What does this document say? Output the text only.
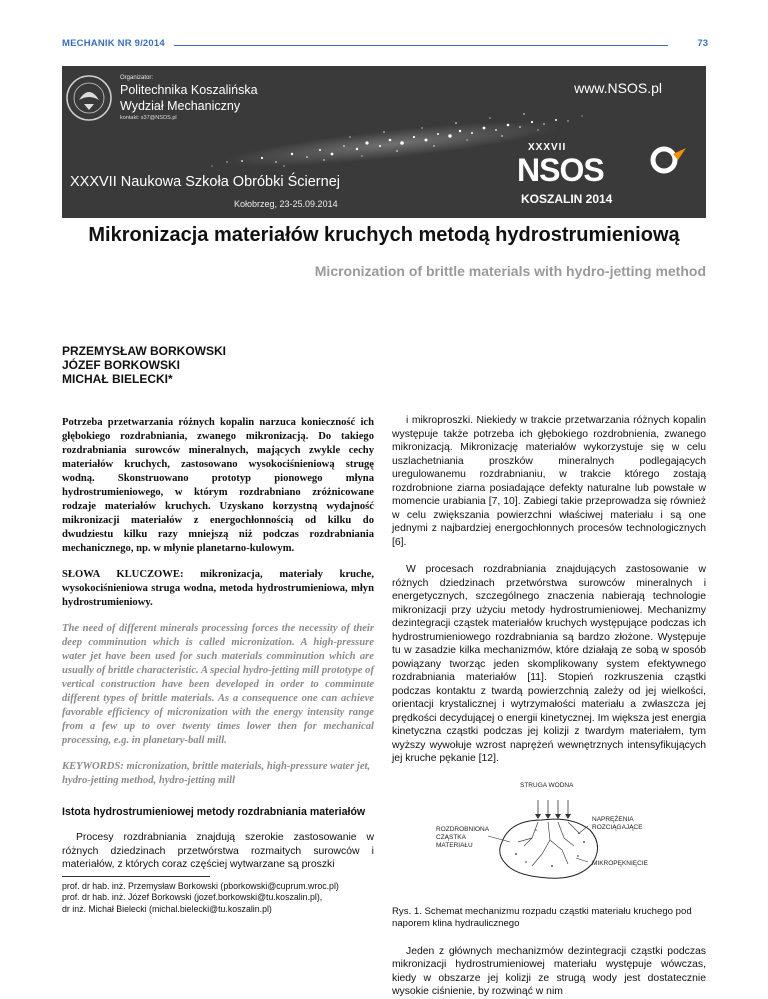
MECHANIK NR 9/2014	73
Organizator:
Politechnika Koszalińska
Wydział Mechaniczny
kontakt: s37@NSOS.pl
www.NSOS.pl
XXXVII Naukowa Szkoła Obróbki Ściernej
Kołobrzeg, 23-25.09.2014
XXXVII
NSOS
KOSZALIN 2014
Mikronizacja materiałów kruchych metodą hydrostrumieniową
Micronization of brittle materials with hydro-jetting method
PRZEMYSŁAW BORKOWSKI
JÓZEF BORKOWSKI
MICHAŁ BIELECKI*

Potrzeba przetwarzania różnych kopalin narzuca konieczność ich głębokiego rozdrabniania, zwanego mikronizacją. Do takiego rozdrabniania surowców mineralnych, mających zwykle cechy materiałów kruchych, zastosowano wysokociśnieniową strugę wodną. Skonstruowano prototyp pionowego młyna hydrostrumieniowego, w którym rozdrabniano zróżnicowane rodzaje materiałów kruchych. Uzyskano korzystną wydajność mikronizacji materiałów z energochłonnością od kilku do dwudziestu kilku razy mniejszą niż podczas rozdrabniania mechanicznego, np. w młynie planetarno-kulowym.

SŁOWA KLUCZOWE: mikronizacja, materiały kruche, wysokociśnieniowa struga wodna, metoda hydrostrumieniowa, młyn hydrostrumieniowy.

The need of different minerals processing forces the necessity of their deep comminution which is called micronization. A high-pressure water jet have been used for such materials comminution which are usually of brittle characteristic. A special hydro-jetting mill prototype of vertical construction have been developed in order to comminute different types of brittle materials. As a consequence one can achieve favorable efficiency of micronization with the energy intensity range from a few up to over twenty times lower then for mechanical processing, e.g. in planetary-ball mill.

KEYWORDS: micronization, brittle materials, high-pressure water jet, hydro-jetting method, hydro-jetting mill

Istota hydrostrumieniowej metody rozdrabniania materiałów

Procesy rozdrabniania znajdują szerokie zastosowanie w różnych dziedzinach przetwórstwa rozmaitych surowców i materiałów, z których coraz częściej wytwarzane są proszki

prof. dr hab. inż. Przemysław Borkowski (pborkowski@cuprum.wroc.pl)
prof. dr hab. inż. Józef Borkowski (jozef.borkowski@tu.koszalin.pl),
dr inż. Michał Bielecki (michal.bielecki@tu.koszalin.pl)

i mikroproszki. Niekiedy w trakcie przetwarzania różnych kopalin występuje także potrzeba ich głębokiego rozdrobnienia, zwanego mikronizacją. Mikronizację materiałów wykorzystuje się w celu uszlachetniania proszków mineralnych podlegających uregulowanemu rozdrabnianiu, w trakcie którego zostają rozdrobnione ziarna posiadające defekty naturalne lub powstałe w momencie urabiania [7, 10]. Zabiegi takie przeprowadza się również w celu zwiększania powierzchni właściwej materiału i są one jednymi z najbardziej energochłonnych procesów technologicznych [6].

W procesach rozdrabniania znajdujących zastosowanie w różnych dziedzinach przetwórstwa surowców mineralnych i energetycznych, szczególnego znaczenia nabierają technologie mikronizacji przy użyciu metody hydrostrumieniowej. Mechanizmy dezintegracji cząstek materiałów kruchych występujące podczas ich hydrostrumieniowego rozdrabniania są bardzo złożone. Występuje tu w zasadzie kilka mechanizmów, które działają ze sobą w sposób powiązany tworząc jeden skomplikowany system efektywnego rozdrabniania materiałów [11]. Stopień rozkruszenia cząstki podczas kontaktu z twardą powierzchnią zależy od jej wielkości, orientacji krystalicznej i wytrzymałości materiału a zwłaszcza jej prędkości decydującej o energii kinetycznej. Im większa jest energia kinetyczna cząstki podczas jej kolizji z twardym materiałem, tym wyższy wywołuje wzrost naprężeń wewnętrznych intensyfikujących jej kruche pękanie [12].

STRUGA WODNA
ROZDROBNIONA
CZĄSTKA
MATERIAŁU
NAPRĘŻENIA
ROZCIĄGAJĄCE
MIKROPĘKNIĘCIE

Rys. 1. Schemat mechanizmu rozpadu cząstki materiału kruchego pod naporem klina hydraulicznego

Jeden z głównych mechanizmów dezintegracji cząstki podczas mikronizacji hydrostrumieniowej materiału występuje wówczas, kiedy w obszarze jej kolizji ze strugą wody jest dostatecznie wysokie ciśnienie, by rozwinąć w nim
